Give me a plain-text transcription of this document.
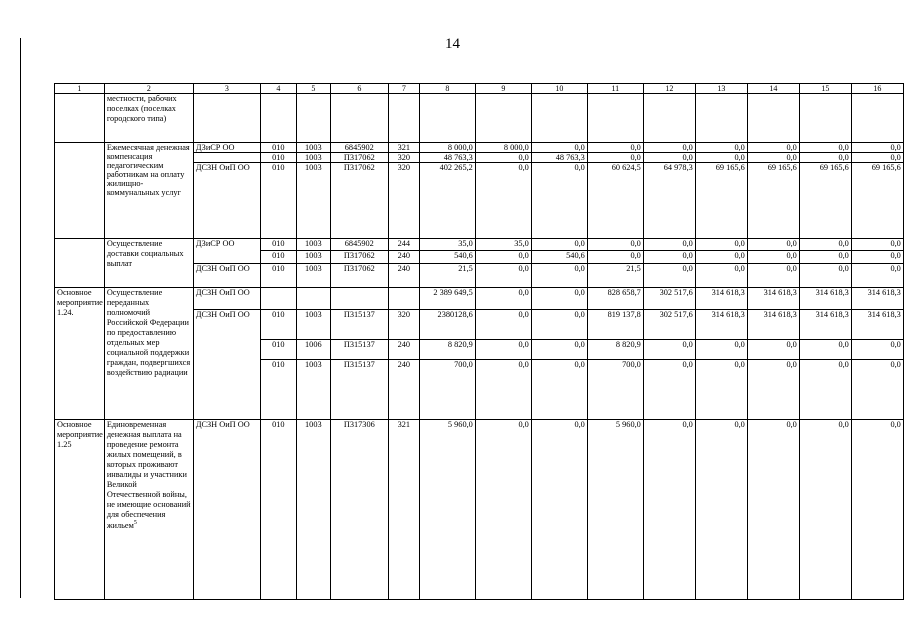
14
1	2	3	4	5	6	7	8	9	10	11	12	13	14	15	16
	местности, рабочих поселках (поселках городского типа)														
	Ежемесячная денежная компенсация педагогическим работникам на оплату жилищно-коммунальных услуг	ДЗиСР ОО	010	1003	6845902	321	8 000,0	8 000,0	0,0	0,0	0,0	0,0	0,0	0,0	0,0
			010	1003	П317062	320	48 763,3	0,0	48 763,3	0,0	0,0	0,0	0,0	0,0	0,0
		ДСЗН ОиП ОО	010	1003	П317062	320	402 265,2	0,0	0,0	60 624,5	64 978,3	69 165,6	69 165,6	69 165,6	69 165,6
	Осуществление доставки социальных выплат	ДЗиСР ОО	010	1003	6845902	244	35,0	35,0	0,0	0,0	0,0	0,0	0,0	0,0	0,0
			010	1003	П317062	240	540,6	0,0	540,6	0,0	0,0	0,0	0,0	0,0	0,0
		ДСЗН ОиП ОО	010	1003	П317062	240	21,5	0,0	0,0	21,5	0,0	0,0	0,0	0,0	0,0
Основное мероприятие 1.24.	Осуществление переданных полномочий Российской Федерации по предоставлению отдельных мер социальной поддержки граждан, подвергшихся воздействию радиации	ДСЗН ОиП ОО					2 389 649,5	0,0	0,0	828 658,7	302 517,6	314 618,3	314 618,3	314 618,3	314 618,3
		ДСЗН ОиП ОО	010	1003	П315137	320	2380128,6	0,0	0,0	819 137,8	302 517,6	314 618,3	314 618,3	314 618,3	314 618,3
			010	1006	П315137	240	8 820,9	0,0	0,0	8 820,9	0,0	0,0	0,0	0,0	0,0
			010	1003	П315137	240	700,0	0,0	0,0	700,0	0,0	0,0	0,0	0,0	0,0
Основное мероприятие 1.25	Единовременная денежная выплата на проведение ремонта жилых помещений, в которых проживают инвалиды и участники Великой Отечественной войны, не имеющие оснований для обеспечения жильем$^5$	ДСЗН ОиП ОО	010	1003	П317306	321	5 960,0	0,0	0,0	5 960,0	0,0	0,0	0,0	0,0	0,0
